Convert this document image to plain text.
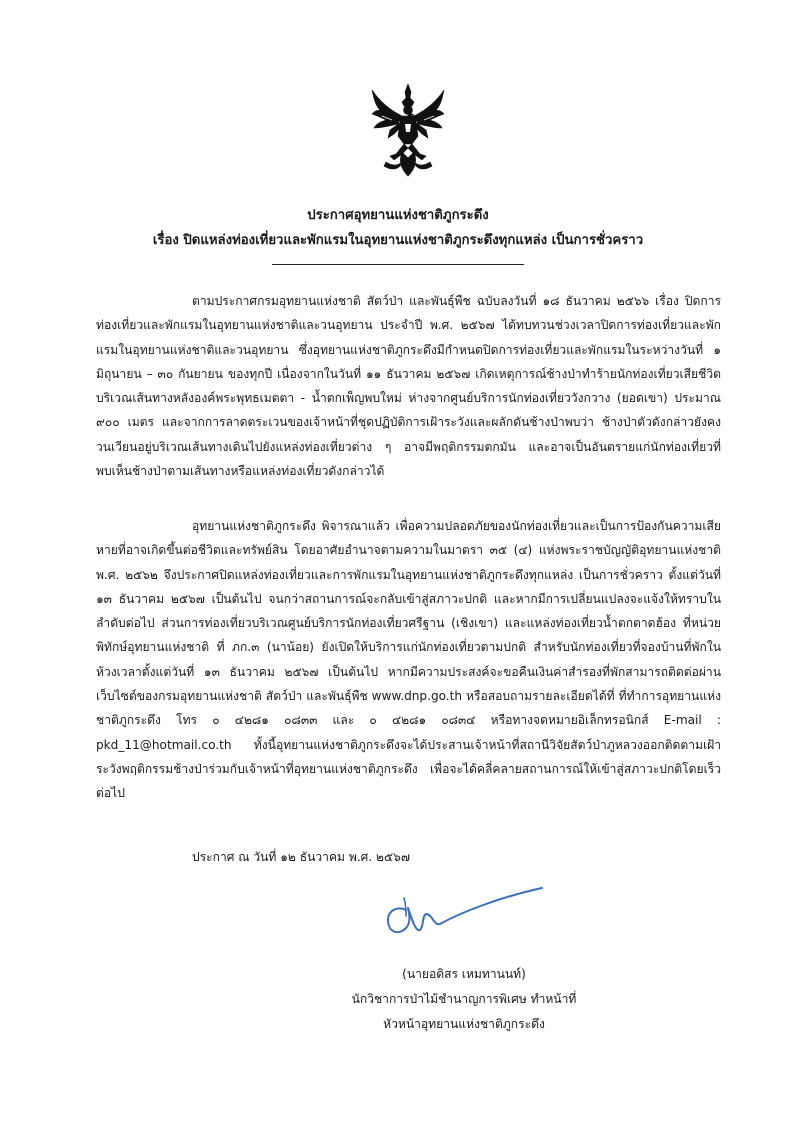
ประกาศอุทยานแห่งชาติภูกระดึง
เรื่อง ปิดแหล่งท่องเที่ยวและพักแรมในอุทยานแห่งชาติภูกระดึงทุกแหล่ง เป็นการชั่วคราว

ตามประกาศกรมอุทยานแห่งชาติ สัตว์ป่า และพันธุ์พืช ฉบับลงวันที่ ๑๘ ธันวาคม ๒๕๖๖ เรื่อง ปิดการท่องเที่ยวและพักแรมในอุทยานแห่งชาติและวนอุทยาน ประจำปี พ.ศ. ๒๕๖๗ ได้ทบทวนช่วงเวลาปิดการท่องเที่ยวและพักแรมในอุทยานแห่งชาติและวนอุทยาน ซึ่งอุทยานแห่งชาติภูกระดึงมีกำหนดปิดการท่องเที่ยวและพักแรมในระหว่างวันที่ ๑ มิถุนายน – ๓๐ กันยายน ของทุกปี เนื่องจากในวันที่ ๑๑ ธันวาคม ๒๕๖๗ เกิดเหตุการณ์ช้างป่าทำร้ายนักท่องเที่ยวเสียชีวิต บริเวณเส้นทางหลังองค์พระพุทธเมตตา - น้ำตกเพ็ญพบใหม่ ห่างจากศูนย์บริการนักท่องเที่ยววังกวาง (ยอดเขา) ประมาณ ๙๐๐ เมตร และจากการลาดตระเวนของเจ้าหน้าที่ชุดปฏิบัติการเฝ้าระวังและผลักดันช้างป่าพบว่า ช้างป่าตัวดังกล่าวยังคงวนเวียนอยู่บริเวณเส้นทางเดินไปยังแหล่งท่องเที่ยวต่าง ๆ อาจมีพฤติกรรมตกมัน และอาจเป็นอันตรายแก่นักท่องเที่ยวที่พบเห็นช้างป่าตามเส้นทางหรือแหล่งท่องเที่ยวดังกล่าวได้

อุทยานแห่งชาติภูกระดึง พิจารณาแล้ว เพื่อความปลอดภัยของนักท่องเที่ยวและเป็นการป้องกันความเสียหายที่อาจเกิดขึ้นต่อชีวิตและทรัพย์สิน โดยอาศัยอำนาจตามความในมาตรา ๓๕ (๔) แห่งพระราชบัญญัติอุทยานแห่งชาติ พ.ศ. ๒๕๖๒ จึงประกาศปิดแหล่งท่องเที่ยวและการพักแรมในอุทยานแห่งชาติภูกระดึงทุกแหล่ง เป็นการชั่วคราว ตั้งแต่วันที่ ๑๓ ธันวาคม ๒๕๖๗ เป็นต้นไป จนกว่าสถานการณ์จะกลับเข้าสู่สภาวะปกติ และหากมีการเปลี่ยนแปลงจะแจ้งให้ทราบในลำดับต่อไป ส่วนการท่องเที่ยวบริเวณศูนย์บริการนักท่องเที่ยวศรีฐาน (เชิงเขา) และแหล่งท่องเที่ยวน้ำตกตาดฮ้อง ที่หน่วยพิทักษ์อุทยานแห่งชาติ ที่ ภก.๓ (นาน้อย) ยังเปิดให้บริการแก่นักท่องเที่ยวตามปกติ สำหรับนักท่องเที่ยวที่จองบ้านที่พักในห้วงเวลาตั้งแต่วันที่ ๑๓ ธันวาคม ๒๕๖๗ เป็นต้นไป หากมีความประสงค์จะขอคืนเงินค่าสำรองที่พักสามารถติดต่อผ่านเว็บไซต์ของกรมอุทยานแห่งชาติ สัตว์ป่า และพันธุ์พืช www.dnp.go.th หรือสอบถามรายละเอียดได้ที่ ที่ทำการอุทยานแห่งชาติภูกระดึง โทร ๐ ๔๒๘๑ ๐๘๓๓ และ ๐ ๔๒๘๑ ๐๘๓๔ หรือทางจดหมายอิเล็กทรอนิกส์ E-mail : pkd_11@hotmail.co.th ทั้งนี้อุทยานแห่งชาติภูกระดึงจะได้ประสานเจ้าหน้าที่สถานีวิจัยสัตว์ป่าภูหลวงออกติดตามเฝ้าระวังพฤติกรรมช้างป่าร่วมกับเจ้าหน้าที่อุทยานแห่งชาติภูกระดึง เพื่อจะได้คลี่คลายสถานการณ์ให้เข้าสู่สภาวะปกติโดยเร็วต่อไป

ประกาศ ณ วันที่ ๑๒ ธันวาคม พ.ศ. ๒๕๖๗
(นายอดิสร เหมทานนท์)
นักวิชาการป่าไม้ชำนาญการพิเศษ ทำหน้าที่
หัวหน้าอุทยานแห่งชาติภูกระดึง
